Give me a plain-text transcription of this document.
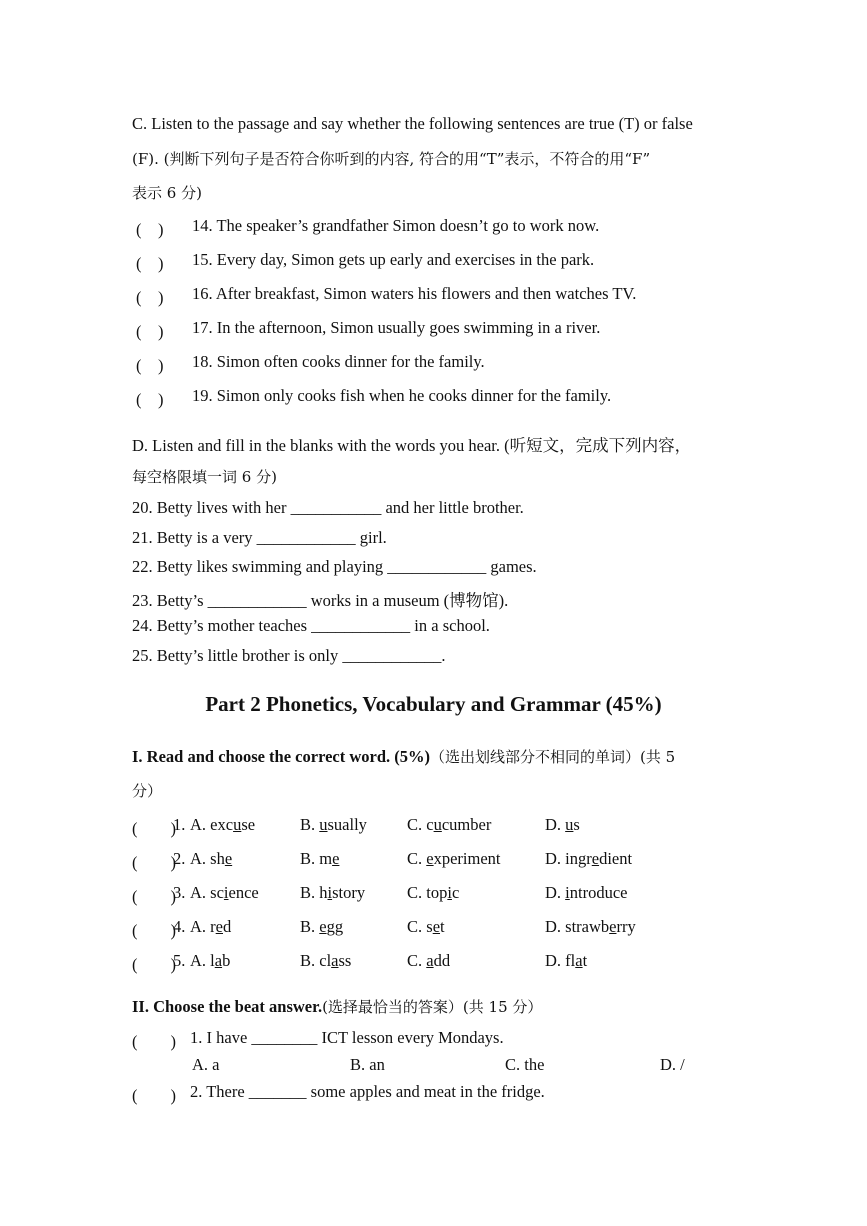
C. Listen to the passage and say whether the following sentences are true (T) or false
(F). (判断下列句子是否符合你听到的内容, 符合的用“T”表示，不符合的用“F”
表示 6 分)
(　) 14. The speaker’s grandfather Simon doesn’t go to work now.
(　) 15. Every day, Simon gets up early and exercises in the park.
(　) 16. After breakfast, Simon waters his flowers and then watches TV.
(　) 17. In the afternoon, Simon usually goes swimming in a river.
(　) 18. Simon often cooks dinner for the family.
(　) 19. Simon only cooks fish when he cooks dinner for the family.
D. Listen and fill in the blanks with the words you hear. (听短文，完成下列内容，
每空格限填一词 6 分)
20. Betty lives with her ___________ and her little brother.
21. Betty is a very ____________ girl.
22. Betty likes swimming and playing ____________ games.
23. Betty’s ____________ works in a museum (博物馆).
24. Betty’s mother teaches ____________ in a school.
25. Betty’s little brother is only ____________.
Part 2 Phonetics, Vocabulary and Grammar (45%)
I. Read and choose the correct word. (5%)（选出划线部分不相同的单词）(共 5
分）
(　　)
1. A. excuse	B. usually C. cucumber	D. us
(　　)
2. A. she	B. me	C. experiment	D. ingredient
(　　)
3. A. science	B. history	C. topic	D. introduce
(　　)
4. A. red	B. egg	C. set	D. strawberry
(　　)
5. A. lab	B. class	C. add	D. flat
II. Choose the beat answer.(选择最恰当的答案）(共 15 分）
(　　) 1. I have ________ ICT lesson every Mondays.
A. a	B. an	C. the	D. /
(　　) 2. There _______ some apples and meat in the fridge.
